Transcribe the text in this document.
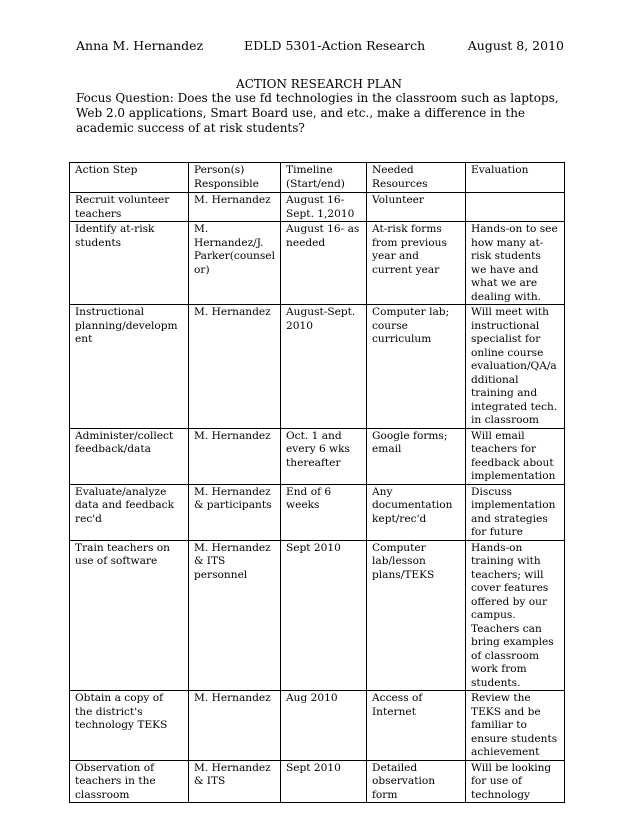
Anna M. Hernandez	EDLD 5301-Action Research	August 8, 2010
ACTION RESEARCH PLAN
Focus Question: Does the use fd technologies in the classroom such as laptops, Web 2.0 applications, Smart Board use, and etc., make a difference in the academic success of at risk students?
Action Step	Person(s) Responsible	Timeline (Start/end)	Needed Resources	Evaluation
Recruit volunteer teachers	M. Hernandez	August 16- Sept. 1,2010	Volunteer	
Identify at-risk students	M. Hernandez/J. Parker(counselor)	August 16- as needed	At-risk forms from previous year and current year	Hands-on to see how many at-risk students we have and what we are dealing with.
Instructional planning/development	M. Hernandez	August-Sept. 2010	Computer lab; course curriculum	Will meet with instructional specialist for online course evaluation/QA/additional training and integrated tech. in classroom
Administer/collect feedback/data	M. Hernandez	Oct. 1 and every 6 wks thereafter	Google forms; email	Will email teachers for feedback about implementation
Evaluate/analyze data and feedback rec'd	M. Hernandez & participants	End of 6 weeks	Any documentation kept/rec'd	Discuss implementation and strategies for future
Train teachers on use of software	M. Hernandez & ITS personnel	Sept 2010	Computer lab/lesson plans/TEKS	Hands-on training with teachers; will cover features offered by our campus. Teachers can bring examples of classroom work from students.
Obtain a copy of the district's technology TEKS	M. Hernandez	Aug 2010	Access of Internet	Review the TEKS and be familiar to ensure students achievement
Observation of teachers in the classroom	M. Hernandez & ITS	Sept 2010	Detailed observation form	Will be looking for use of technology
